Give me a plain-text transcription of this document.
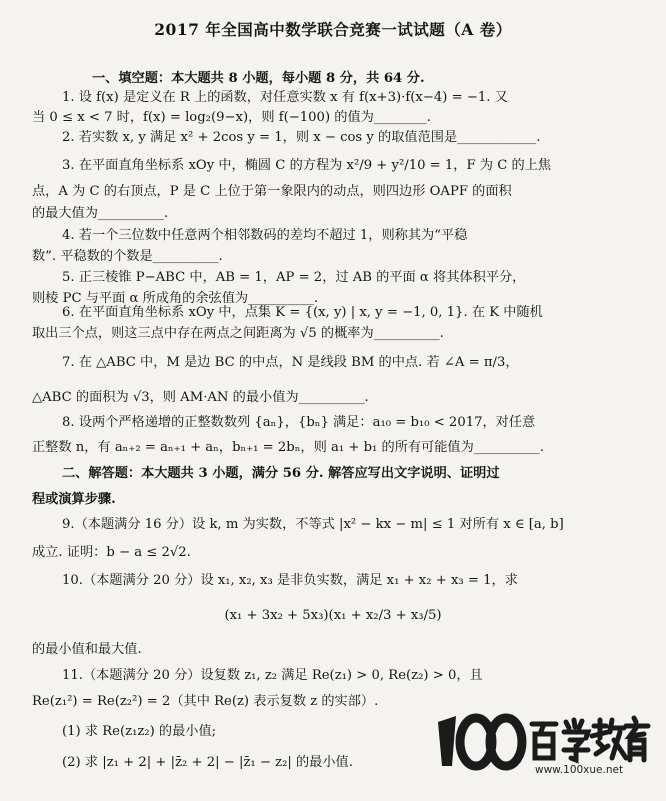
2017 年全国高中数学联合竞赛一试试题（A 卷）
一、填空题：本大题共 8 小题，每小题 8 分，共 64 分.
1. 设 f(x) 是定义在 R 上的函数，对任意实数 x 有 f(x+3)·f(x−4) = −1. 又
当 0 ≤ x < 7 时，f(x) = log₂(9−x)，则 f(−100) 的值为________.
2. 若实数 x, y 满足 x² + 2cos y = 1，则 x − cos y 的取值范围是____________.
3. 在平面直角坐标系 xOy 中，椭圆 C 的方程为 x²/9 + y²/10 = 1，F 为 C 的上焦
点，A 为 C 的右顶点，P 是 C 上位于第一象限内的动点，则四边形 OAPF 的面积
的最大值为__________.
4. 若一个三位数中任意两个相邻数码的差均不超过 1，则称其为“平稳
数”. 平稳数的个数是__________.
5. 正三棱锥 P−ABC 中，AB = 1，AP = 2，过 AB 的平面 α 将其体积平分，
则棱 PC 与平面 α 所成角的余弦值为__________.
6. 在平面直角坐标系 xOy 中，点集 K = {(x, y) | x, y = −1, 0, 1}. 在 K 中随机
取出三个点，则这三点中存在两点之间距离为 √5 的概率为__________.
7. 在 △ABC 中，M 是边 BC 的中点，N 是线段 BM 的中点. 若 ∠A = π/3，
△ABC 的面积为 √3，则 AM·AN 的最小值为__________.
8. 设两个严格递增的正整数数列 {aₙ}，{bₙ} 满足：a₁₀ = b₁₀ < 2017，对任意
正整数 n，有 aₙ₊₂ = aₙ₊₁ + aₙ，bₙ₊₁ = 2bₙ，则 a₁ + b₁ 的所有可能值为__________.
二、解答题：本大题共 3 小题，满分 56 分. 解答应写出文字说明、证明过
程或演算步骤.
9.（本题满分 16 分）设 k, m 为实数，不等式 |x² − kx − m| ≤ 1 对所有 x ∈ [a, b]
成立. 证明：b − a ≤ 2√2.
10.（本题满分 20 分）设 x₁, x₂, x₃ 是非负实数，满足 x₁ + x₂ + x₃ = 1，求
(x₁ + 3x₂ + 5x₃)(x₁ + x₂/3 + x₃/5)
的最小值和最大值.
11.（本题满分 20 分）设复数 z₁, z₂ 满足 Re(z₁) > 0, Re(z₂) > 0，且
Re(z₁²) = Re(z₂²) = 2（其中 Re(z) 表示复数 z 的实部）.
(1) 求 Re(z₁z₂) 的最小值;
(2) 求 |z₁ + 2| + |z̄₂ + 2| − |z̄₁ − z₂| 的最小值.	www.100xue.net
